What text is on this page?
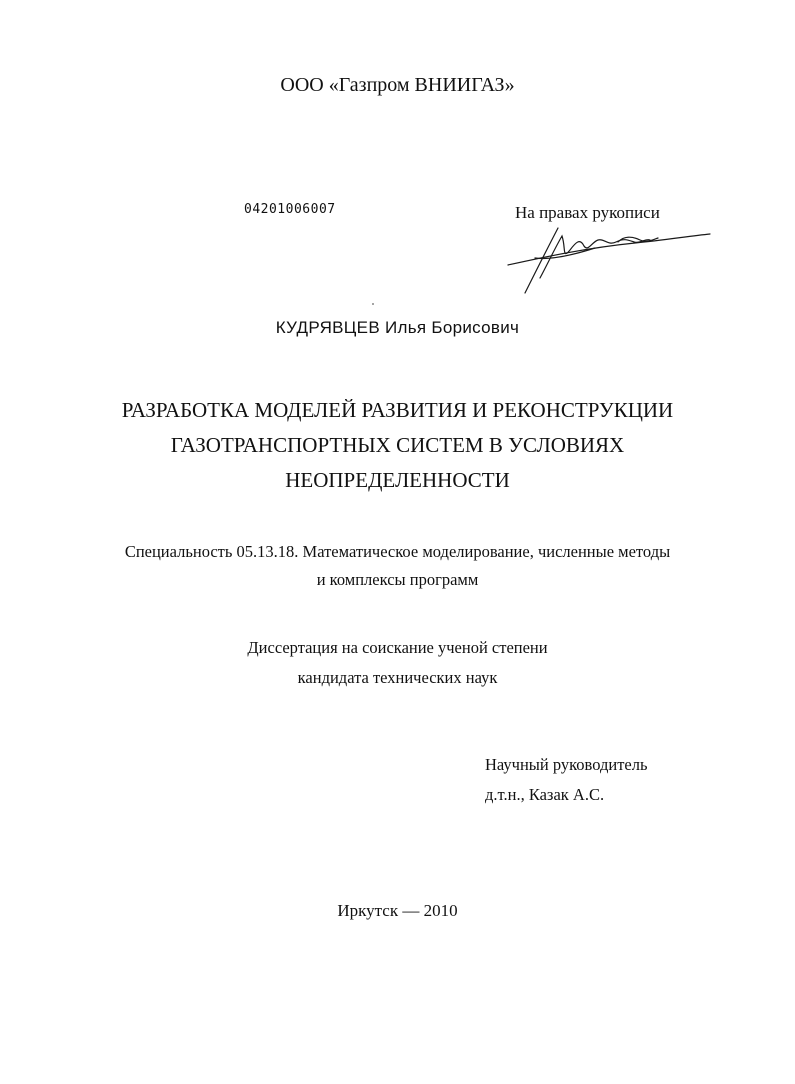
ООО «Газпром ВНИИГАЗ»

04201006007	На правах рукописи

КУДРЯВЦЕВ Илья Борисович

РАЗРАБОТКА МОДЕЛЕЙ РАЗВИТИЯ И РЕКОНСТРУКЦИИ
ГАЗОТРАНСПОРТНЫХ СИСТЕМ В УСЛОВИЯХ
НЕОПРЕДЕЛЕННОСТИ
Специальность 05.13.18. Математическое моделирование, численные методы
и комплексы программ
Диссертация на соискание ученой степени
кандидата технических наук
Научный руководитель
д.т.н., Казак А.С.

Иркутск — 2010
